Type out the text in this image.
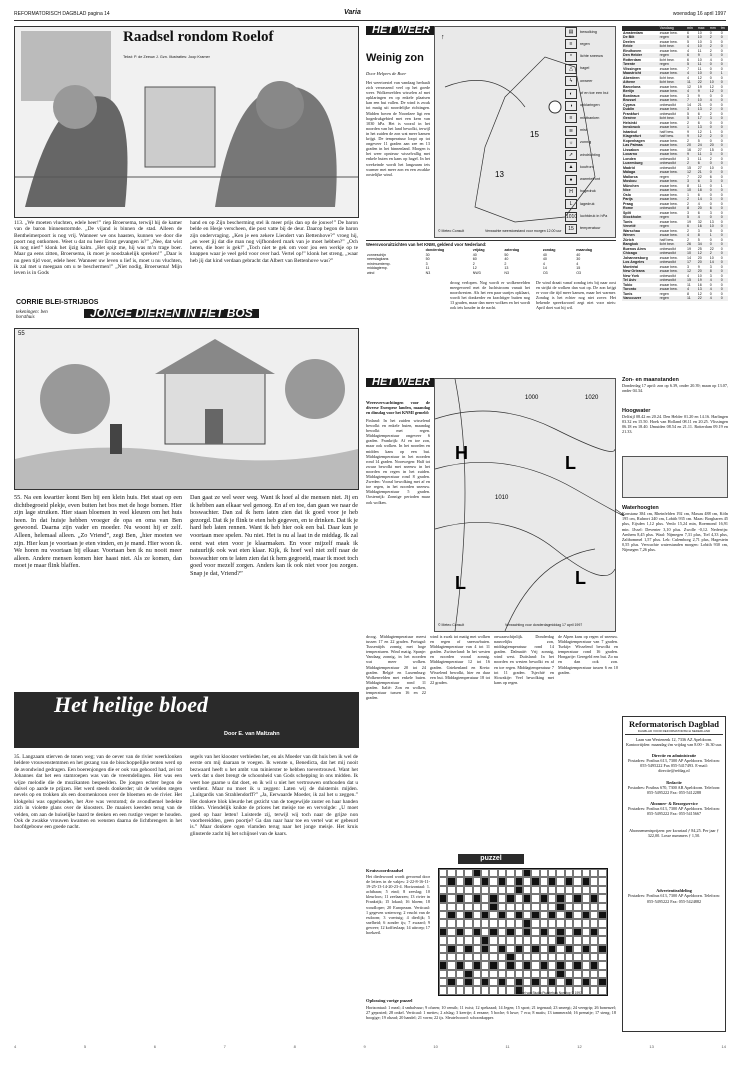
REFORMATORISCH DAGBLAD pagina 14	Varia	woensdag 16 april 1997
Raadsel rondom Roelof
Tekst: P. de Zeeuw J. Gzn. Illustraties: Joop Kramer
113. „We moeten vluchten, edele heer!” riep Broersema, terwijl hij de kamer van de baron binnenstormde. „De vijand is binnen de stad. Alleen de Bentheimerpoort is nog vrij. Wanneer we ons haasten, kunnen we door die poort nog ontkomen. Weet u dat nu heer Ernst gevangen is?” „Nee, dat wist ik nog niet!” klonk het ijzig kalm. „Het spijt me, hij was m’n trage boer. Maar ga eens zitten, Broersema, ik moet je noodzakelijk spreken!” „Daar is nu geen tijd voor, edele heer. Wanneer uw leven u lief is, moet u nu vluchten, ik zal met u meegaan om u te beschermen!” „Niet nodig, Broersema! Mijn leven is in Gods
hand en op Zijn bescherming stel ik meer prijs dan op de jouwe!” De baron belde en Hesje verscheen, die post vatte bij de deur. Daarop begon de baron zijn ondervraging. „Ken je een zekere Liendert van Bettenhove?” vroeg hij, „en weet jij dat die man nog vijfhonderd mark van je moet hebben?” „Och heren, die boer is gek!” „Toch niet te gek om voor jou een werkje op te knappen waar je veel geld voor over had. Vertel op!” klonk het streng, „waar heb jij dat kind verdaan gebracht dat Albert van Bettenhove was?”
CORRIE BLEI-STRIJBOS
tekeningen: ben horsthuis	JONGE DIEREN IN HET BOS
55
55. Na een kwartier komt Ben bij een klein huis. Het staat op een dichtbegroeid plekje, even buiten het bos met de hoge bomen. Hier zijn lage struiken. Hier staan bloemen in veel kleuren om het huis heen. In dat huisje hebben vroeger de opa en oma van Ben gewoond. Daarna zijn vader en moeder. Nu woont hij er zelf. Alleen, helemaal alleen. „Zo Vriend”, zegt Ben, „hier moeten we zijn. Hier kun je voortaan je eten vinden, en je mand. Hier woon ik. We horen nu voortaan bij elkaar. Voortaan ben ik nu nooit meer alleen. Andere mensen komen hier haast niet. Als ze komen, dan moet je maar flink blaffen.
Dan gaat ze wel weer weg. Want ik hoef al die mensen niet. Jij en ik hebben aan elkaar wel genoeg. En af en toe, dan gaan we naar de boswachter. Dan zal ik hem laten zien dat ik goed voor je heb gezorgd. Dat ik je flink te eten heb gegeven, en te drinken. Dat ik je hard heb laten rennen. Want ik heb hier ook een bal. Daar kun je voortaan mee spelen. Nu niet. Het is nu al laat in de middag. Ik zal eerst wat eten voor je klaarmaken. En voor mijzelf maak ik natuurlijk ook wat eten klaar. Kijk, ik hoef wel niet zelf naar de boswachter om te laten zien dat ik hem gegroeid, maar ik moet toch goed voor mezelf zorgen. Anders kan ik ook niet voor jou zorgen. Snap je dat, Vriend?”
Het heilige bloed
Door E. van Maltzahn
35. Langzaam stierven de tonen weg; van de oever van de rivier weerklonken heldere vrouwenstemmen en het gezang van de bisschoppelijke tenten werd op de avondwind gedragen. Een boerenjongen die er ook van gehoord had, zei tot Johannes dat het een stamroepen was van de vreemdelingen. Het was een wijze melodie die de muzikanten bespeelden. De jongen echter begon de duivel op aarde te prijzen. Het werd steeds donkerder; uit de weiden stegen nevels op en trokken als een doornenkroon over de bloemen en de rivier. Het klokgelui was opgehouden, het Ave was verstomd; de avondhemel bedekte zich in violette glans over de kloosters. De maaiers keerden terug van de velden, om aan de huiselijke haard te denken en een rustige vesper te houden. Ook de zwakke vrouwen kwamen en wensten daarna de lichtbrengers in het hoofdgebouw een goede nacht.
segels van het klooster verbieden het, en als Moeder van dit huis ben ik wel de eerste om mij daaraan te voegen. Ik wenste u, Benedicta, dat het mij nooit bezwaard heeft u het ambt van tuinierster te hebben toevertrouwd. Want het werk dat u doet brengt de schoonheid van Gods schepping in ons midden. Ik weet hoe gaarne u dat doet, en ik wil u niet het vertrouwen onthouden dat u verdient. Maar nu moet ik u zeggen: Laten wij de duisternis mijden. „Luitgardis van Strahlendorff?” „Ja, Eerwaarde Moeder, ik zal het u zeggen.” Het donkere blok kleurde het gezicht van de toegewijde zuster en haar handen trilden. Vriendelijk knikte de priores het meisje toe en vervolgde: „U moet goed op haar letten! Luisterde zij, terwijl wij toch naar de grijze non voorbereidden, geen poortje? Ga dan naar haar toe en vertel wat er gebeurd is.” Maar donkere ogen vlamden terug naar het jonge meisje. Het kruis glinsterde zacht bij het schijnsel van de kaars.
HET WEER
Weinig zon
Door Helpers de Boer
Het weertoestel van vandaag herhaalt zich verrassend veel op het goede weer. Wolkenvelden wisselen af met opklaringen en op enkele plaatsen kan een bui vallen. De wind is zwak tot matig uit noordelijke richtingen. Midden boven de Noordzee ligt een hogedrukgebied met een kern van 1030 hPa. Het is vooral in het noorden van het land bewolkt, terwijl in het zuiden de zon wat meer kansen krijgt. De temperatuur loopt op tot ongeveer 11 graden aan zee en 13 graden in het binnenland. Morgen is het weer opnieuw wisselvallig met enkele buien en kans op hagel. In het weekeinde wordt het langzaam iets warmer met meer zon en een zwakke oostelijke wind.
↑
15
13
© Meteo Consult	Verwachte weerstoestand voor morgen 12.00 uur
▤	bewolking
≡	regen
*	lichte sneeuw
△	hagel
ϟ	onweer
◐	of en toe een bui
◑	opklaringen
≡	mistbanken
≋	mist
☼	zonnig
➚	windrichting
▲	koufront
●	warmtefront
H	hogedruk
L	lagedruk
1010 luchtdruk in hPa
15	temperatuur
Weersvooruitzichten van het KNMI, geldend voor Nederland:
	donderdag	vrijdag	zaterdag	zondag	maandag
zonneschijn	30	40	50	40	40
neerslagkans	50	60	40	40	30
minimumtemp.	3	2	2	4	4
middagtemp.	11	12	13	14	15
wind	N3	NW3	N3	O3	O3
droog verlopen. Nog wordt er wolkenvelden meegevoerd met de luchtstroom vanuit het noordwesten. Als het een paar uurtjes opklaart, wordt het donkerder en krachtiger buiten nog 13 graden, maar dan meer wolken en het wordt ook iets kouder in de nacht.
De wind draait vanaf zondag iets bij naar oost en strijkt de wolken dan wat op. De zon krijgt er voor die tijd meer kansen, maar het warmer. Zondag is het echter nog niet zover. Het bekende spreekwoord zegt niet voor niets: April doet wat hij wil.
	Vandaag	min	max	mm	tm
Amsterdam	zwaar bew.	6	10	0	0
De Bilt	regen	6	10	2	0
Deelen	zwaar bew.	5	10	3	0
Eelde	licht bew.	4	10	2	0
Eindhoven	zwaar bew.	4	11	2	0
Den Helder	regen	6	9	3	0
Rotterdam	licht bew.	6	10	4	0
Twente	regen	5	11	0	0
Vlissingen	zwaar bew.	7	11	0	0
Maastricht	zwaar bew.	4	10	0	1
Aberdeen	licht bew.	4	12	0	0
Athene	licht bew.	11	22	10	0
Barcelona	zwaar bew.	12	19	12	0
Berlijn	zwaar bew.	4	9	12	0
Bordeaux	zwaar bew.	3	9	0	0
Brussel	zwaar bew.	7	10	4	0
Cyprus	onbewolkt	14	21	0	0
Dublin	zwaar bew.	3	13	2	0
Frankfurt	onbewolkt	5	6	2	0
Genève	licht bew.	5	17	3	0
Helsinki	zwaar bew.	2	6	0	0
Innsbruck	zwaar bew.	1	13	0	0
Istanbul	half bew.	9	12	1	0
Klagenfurt	half bew.	9	12	2	0
Kopenhagen	zwaar bew.	2	5	0	0
Las Palmas	zwaar bew.	20	24	20	0
Lissabon	zwaar bew.	16	27	15	0
Locarno	zwaar bew.	9	11	3	0
Londen	onbewolkt	3	11	2	0
Luxemburg	onbewolkt	2	6	0	0
Madrid	onbewolkt	15	27	10	0
Málaga	zwaar bew.	12	21	0	0
Mallorca	regen	7	22	6	0
Moskou	zwaar bew.	3	6	3	0
München	zwaar bew.	8	11	0	1
Nice	zwaar bew.	10	18	0	0
Oslo	zwaar bew.	1	6	0	0
Parijs	zwaar bew.	2	14	3	0
Praag	zwaar bew.	2	4	0	0
Rome	onbewolkt	8	20	6	0
Split	zwaar bew.	3	6	3	0
Stockholm	regen	5	4	0	0
Tunis	zwaar bew.	19	32	13	0
Venetië	regen	6	16	10	0
Warschau	zwaar bew.	2	3	5	0
Wenen	zwaar bew.	4	8	1	0
Zürich	half bew.	2	5	0	0
Bangkok	licht bew.	26	34	0	0
Buenos Aires	onbewolkt	19	25	22	0
Chicago	onbewolkt	10	12	2	0
Johannesburg	zwaar bew.	14	20	10	0
Los Angeles	onbewolkt	17	20	14	0
Montréal	zwaar bew.	3	9	3	0
New Orleans	zwaar bew.	12	20	8	0
New York	onbewolkt	4	10	3	0
Tel Aviv	onbewolkt	15	19	4	0
Tokio	zwaar bew.	11	16	0	0
Toronto	zwaar bew.	4	13	4	0
Tunis	regen	8	12	0	0
Vancouver	regen	11	22	4	0
HET WEER
Weersverwachtingen voor de diverse Europese landen, maandag en dinsdag voor het KNMI gemeld:
Finland: In het zuiden wisselend bewolkt en enkele buien, maandag bewolkt met regen. Middagtemperatuur ongeveer 6 graden. Frankrijk: Af en toe zon, maar ook wolken. In het noorden en midden kans op een bui. Middagtemperatuur in het noorden rond 14 graden. Noorwegen: Half tot zwaar bewolkt met sneeuw in het noorden en regen in het zuiden. Middagtemperatuur rond 8 graden. Zweden: Vooral bewolking met af en toe regen, in het noorden sneeuw. Middagtemperatuur 5 graden. Oostenrijk: Zonnige perioden maar ook wolken.
H	L
L	L
1000
1010
1020
© Meteo Consult	Verwachting voor donderdagmiddag 17 april 1997
droog. Middagtemperatuur meest tussen 17 en 22 graden. Portugal: Tussentijds zonnig met hoge temperaturen. Wind matig. Spanje: Vandaag zonnig, in het noorden wat meer wolken. Middagtemperatuur 20 tot 24 graden. België en Luxemburg: Wolkenvelden met enkele buien. Middagtemperatuur rond 11 graden. Italië: Zon en wolken, temperatuur tussen 16 en 22 graden.
wind is zwak tot matig met wolken en regen of sneeuwbuien. Middagtemperatuur van 4 tot 11 graden. Zwitserland: In het westen en noorden vooral zonnig. Middagtemperatuur 12 tot 16 graden. Griekenland en Kreta: Wisselend bewolkt, hier en daar een bui. Middagtemperatuur 18 tot 22 graden.
onwaarschijnlijk. Donderdag nauwelijks zon, middagtemperatuur rond 14 graden. Dalmatië: Vrij zonnig, wind west. Duitsland: In het noorden en westen bewolkt en af en toe regen. Middagtemperatuur 7 tot 11 graden. Tsjechië en Slowakije: Veel bewolking met kans op regen.
de Alpen kans op regen of sneeuw. Middagtemperatuur van 7 graden. Turkije: Wisselend bewolkt en temperatuur rond 16 graden. Hongarije: Geregeld een bui. Zo nu en dan ook zon. Middagtemperatuur tussen 6 en 10 graden.
Zon- en maanstanden
Donderdag 17 april: zon op 6.39, onder 20.39; maan op 13.07, onder 04.34.
Hoogwater
Delfzijl 08.42 en 20.24. Den Helder 01.20 en 14.16. Harlingen 03.32 en 15.50. Hoek van Holland 08.11 en 20.25. Vlissingen 06.18 en 18.40. IJmuiden 08.54 en 21.11. Rotterdam 09.19 en 21.33.
Waterhoogten
Konstanz 384 cm, Rheinfelden 192 cm, Maxau 488 cm, Köln 195 cm, Ruhrort 240 cm, Lobith 935 cm. Maas: Borgharen 45 plus, Eijsden 1,12 plus. Venlo 15,24 min, Roermond 16,91 min. IJssel: Deventer 3,10 plus. Zwolle -0,12. Nederrijn: Arnhem 8,45 plus. Waal: Nijmegen 7,31 plus, Tiel 4,33 plus, Zaltbommel 1,57 plus. Lek: Culemborg 2,71 plus, Hagestein 0,55 plus. Verwachte waterstanden morgen: Lobith 930 cm, Nijmegen 7,26 plus.
puzzel
Kruiswoordraadsel
Het diedewoord wordt gevormd door de letters in de vakjes: 2-22-8-16-11-19-25-13-14-20-23-4. Horizontaal: 1. achtbaan; 5 eind; 8 zeeslag; 10 kleurloos; 11 zeelaarzen; 13 rivier in Frankrijk; 15 lokaal; 16 bloem; 18 woudloper; 20 Europeaan. Verticaal: 1 gegeven waterweg; 2 vrucht van de esdoorn; 3 voertuig; 4 dierlijk; 5 snelheid; 6 zonder ijs; 7 zwaard; 9 geweer; 12 koffieslaap; 14 uitroep; 17 hoekzeil.
Puzzel van Studio Puzzlehuis Nonstop © 1997
Oplossing vorige puzzel
Horizontaal: 1 meal; 4 smbalvuur; 9 ofaren; 10 censih; 11 twist; 12 spekzaad; 14 Jegen; 15 sport; 21 tegenaal; 23 smeegt; 24 veergrip; 26 bonenzel; 27 geposted; 28 onkel. Verticaal: 1 mettes; 2 afslag; 3 keertje; 4 eezane; 5 boche; 6 luwe; 7 ecu; 8 matis; 13 tammerafd; 16 prenatje; 17 steng; 18 boogige; 19 ohzad; 20 handel; 21 vorm; 22 ijs. Sleutelwoord: schoonkapper.
Reformatorisch Dagblad
DAGBLAD VOOR REFORMATORISCH NEDERLAND
Laan van Westenenk 12, 7336 AZ Apeldoorn. Kantoortijden: maandag t/m vrijdag van 8.00 - 16.30 uur.
Directie en administratie
Postadres: Postbus 613, 7300 AP Apeldoorn. Telefoon: 055-5495222 Fax 055-5417493. E-mail: directie@refdag.nl
Redactie
Postadres: Postbus 670, 7300 AR Apeldoorn. Telefoon: 055-5495222 Fax: 055-5412288
Abonnee- & Bezorgservice
Postadres: Postbus 613, 7300 AP Apeldoorn. Telefoon: 055-5495222 Fax: 055-5415667
Abonnementsprijzen: per kwartaal ƒ 84,25. Per jaar ƒ 322,00. Losse nummers ƒ 1,50.
Advertentieafdeling
Postadres: Postbus 613, 7300 AP Apeldoorn. Telefoon: 055-5495222 Fax: 055-5424882
4	5	6	7	8	9	10	11	12	13	14
